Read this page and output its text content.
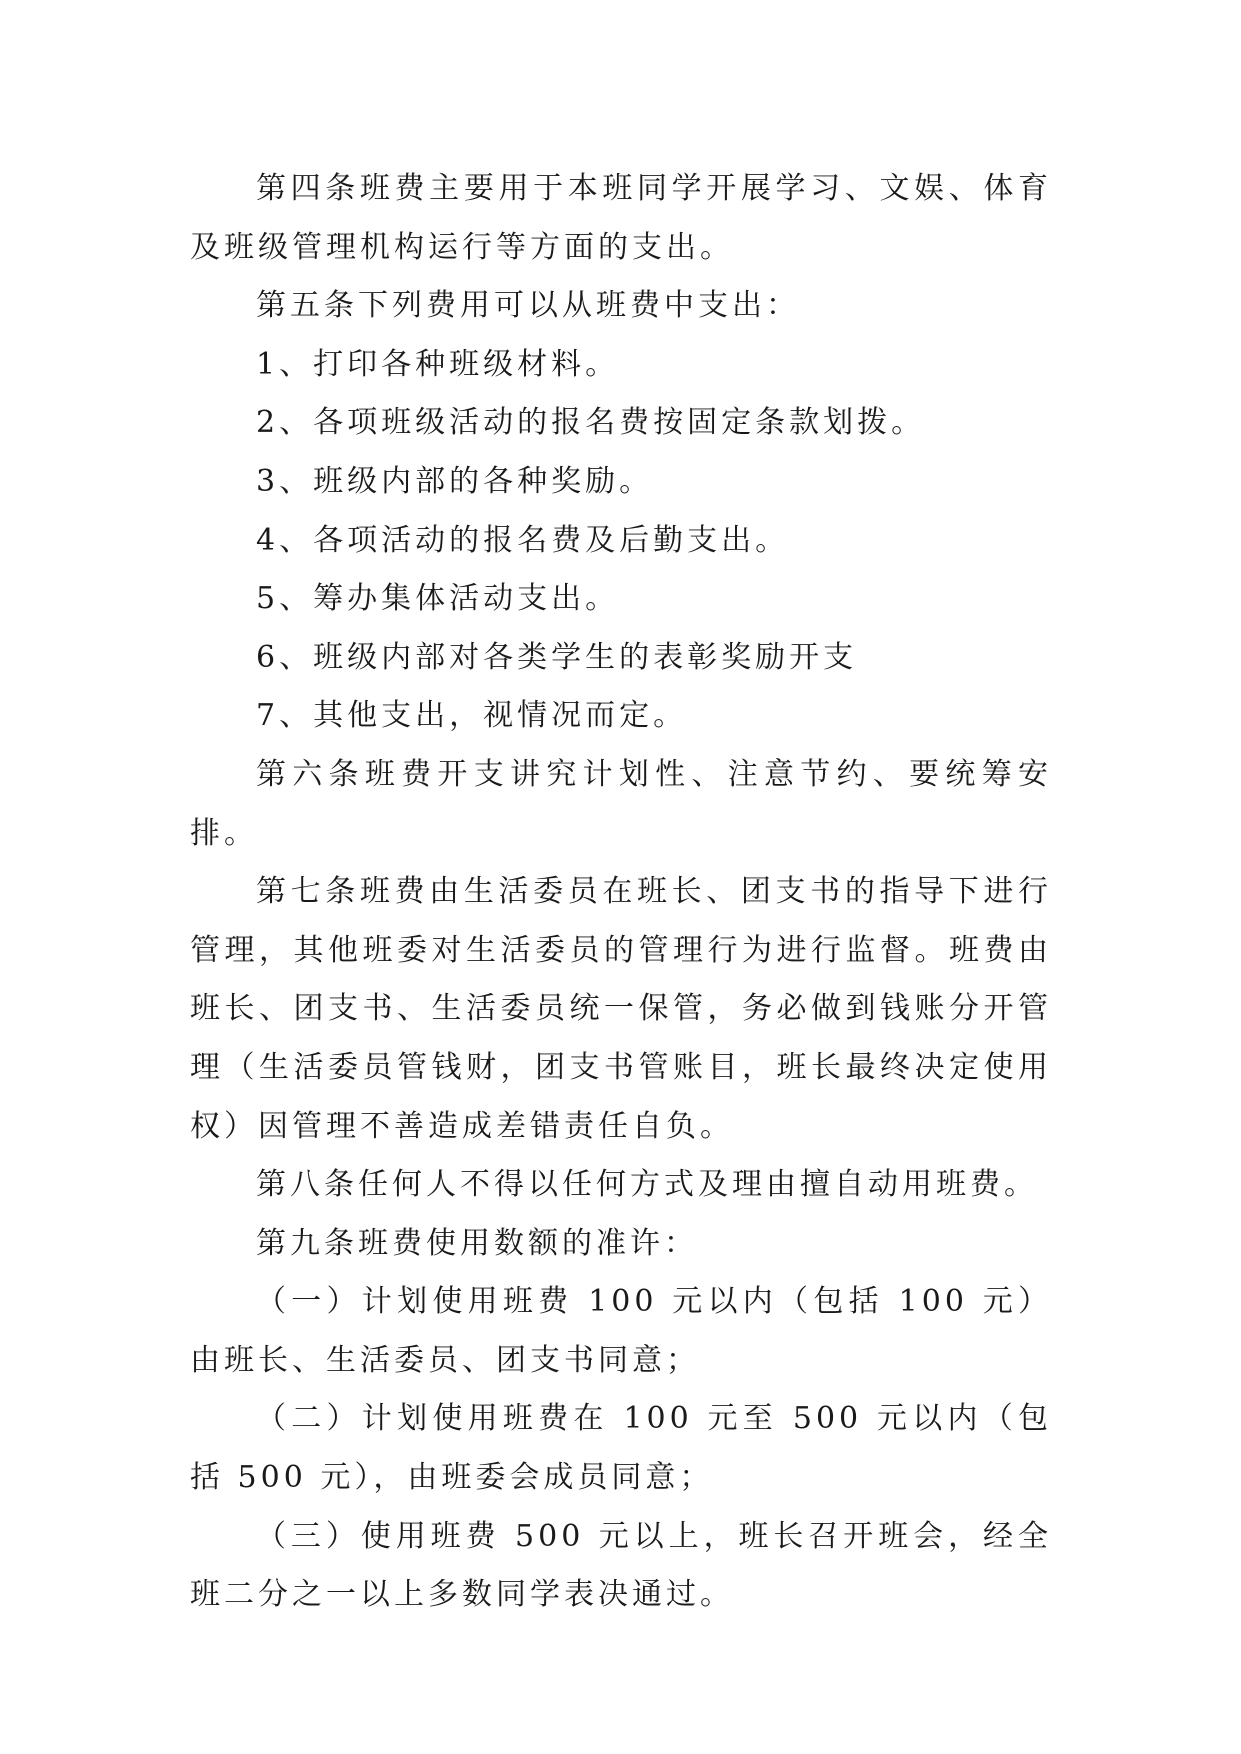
第四条班费主要用于本班同学开展学习、文娱、体育及班级管理机构运行等方面的支出。

第五条下列费用可以从班费中支出：

1、打印各种班级材料。

2、各项班级活动的报名费按固定条款划拨。

3、班级内部的各种奖励。

4、各项活动的报名费及后勤支出。

5、筹办集体活动支出。

6、班级内部对各类学生的表彰奖励开支

7、其他支出，视情况而定。

第六条班费开支讲究计划性、注意节约、要统筹安排。

第七条班费由生活委员在班长、团支书的指导下进行管理，其他班委对生活委员的管理行为进行监督。班费由班长、团支书、生活委员统一保管，务必做到钱账分开管理（生活委员管钱财，团支书管账目，班长最终决定使用权）因管理不善造成差错责任自负。

第八条任何人不得以任何方式及理由擅自动用班费。

第九条班费使用数额的准许：

（一）计划使用班费 100 元以内（包括 100 元）由班长、生活委员、团支书同意；

（二）计划使用班费在 100 元至 500 元以内（包括 500 元），由班委会成员同意；

（三）使用班费 500 元以上，班长召开班会，经全班二分之一以上多数同学表决通过。
